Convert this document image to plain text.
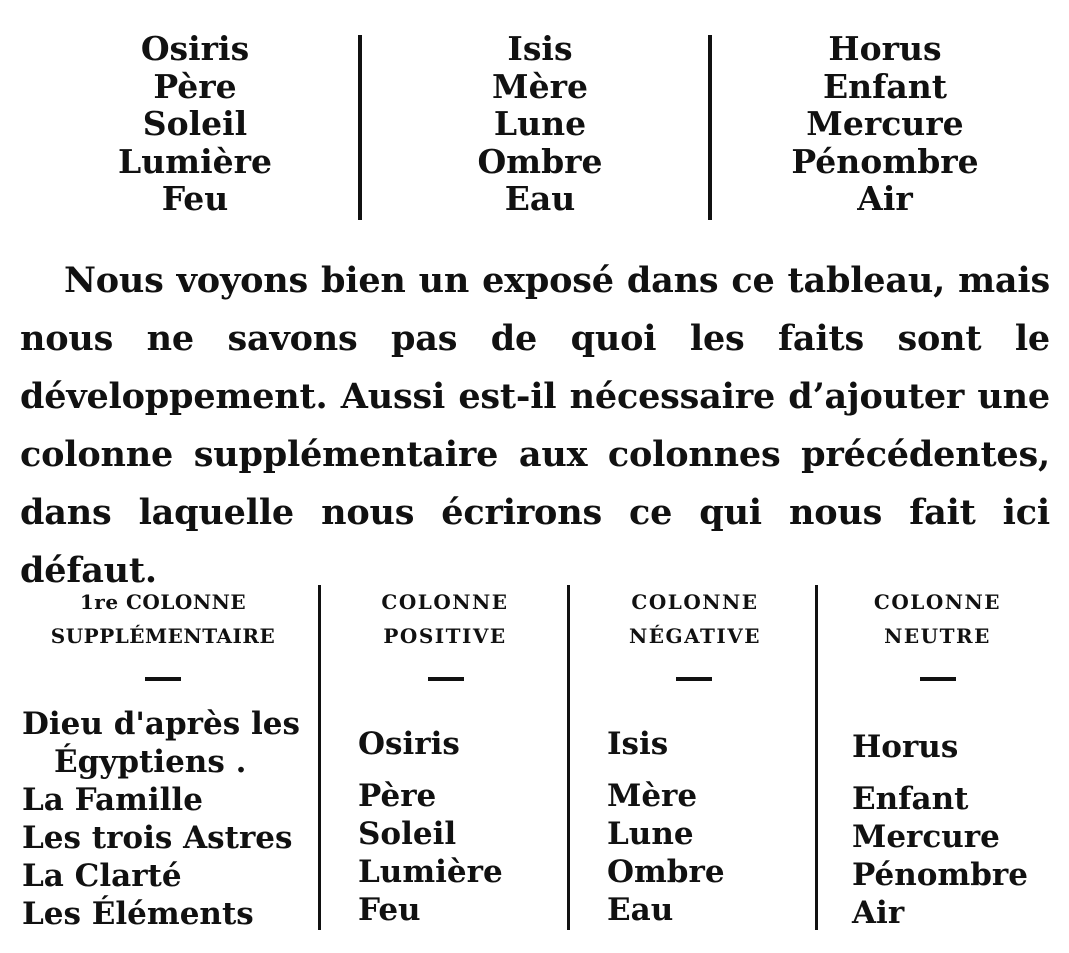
Osiris
Père
Soleil
Lumière
Feu
Isis
Mère
Lune
Ombre
Eau
Horus
Enfant
Mercure
Pénombre
Air

Nous voyons bien un exposé dans ce tableau, mais nous ne savons pas de quoi les faits sont le développement. Aussi est-il nécessaire d’ajouter une colonne supplémentaire aux colonnes précédentes, dans laquelle nous écrirons ce qui nous fait ici défaut.

1re COLONNE
SUPPLÉMENTAIRE
COLONNE
POSITIVE
COLONNE
NÉGATIVE
COLONNE
NEUTRE
Dieu d'après les
Égyptiens .
La Famille
Les trois Astres
La Clarté
Les Éléments
Osiris
Père
Soleil
Lumière
Feu
Isis
Mère
Lune
Ombre
Eau
Horus
Enfant
Mercure
Pénombre
Air
